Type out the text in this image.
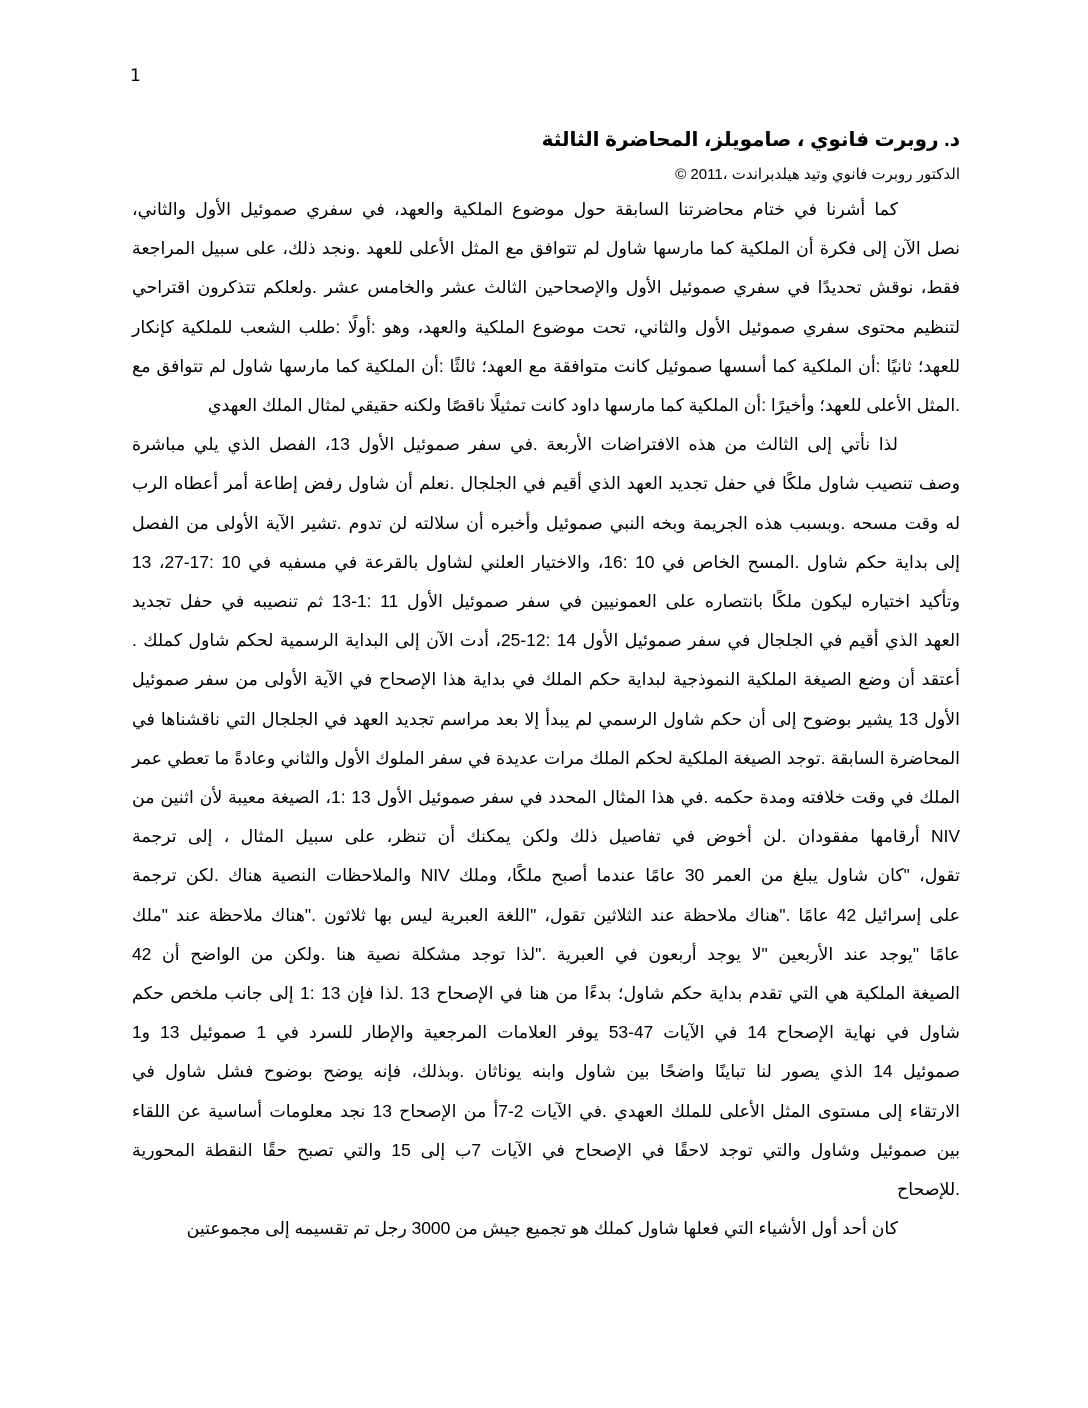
1
د. روبرت فانوي ، صامويلز، المحاضرة الثالثة

الدكتور روبرت فانوي وتيد هيلدبراندت ،2011 ©

كما أشرنا في ختام محاضرتنا السابقة حول موضوع الملكية والعهد، في سفري صموئيل الأول والثاني،
نصل الآن إلى فكرة أن الملكية كما مارسها شاول لم تتوافق مع المثل الأعلى للعهد .ونجد ذلك، على سبيل المراجعة
فقط، نوقش تحديدًا في سفري صموئيل الأول والإصحاحين الثالث عشر والخامس عشر .ولعلكم تتذكرون اقتراحي
لتنظيم محتوى سفري صموئيل الأول والثاني، تحت موضوع الملكية والعهد، وهو :أولًا :طلب الشعب للملكية كإنكار
للعهد؛ ثانيًا :أن الملكية كما أسسها صموئيل كانت متوافقة مع العهد؛ ثالثًا :أن الملكية كما مارسها شاول لم تتوافق مع
.المثل الأعلى للعهد؛ وأخيرًا :أن الملكية كما مارسها داود كانت تمثيلًا ناقصًا ولكنه حقيقي لمثال الملك العهدي

لذا نأتي إلى الثالث من هذه الافتراضات الأربعة .في سفر صموئيل الأول 13، الفصل الذي يلي مباشرة
وصف تنصيب شاول ملكًا في حفل تجديد العهد الذي أقيم في الجلجال .نعلم أن شاول رفض إطاعة أمر أعطاه الرب
له وقت مسحه .وبسبب هذه الجريمة وبخه النبي صموئيل وأخبره أن سلالته لن تدوم .تشير الآية الأولى من الفصل
إلى بداية حكم شاول .المسح الخاص في 10 :16، والاختيار العلني لشاول بالقرعة في مسفيه في 10 :17-27، 13
وتأكيد اختياره ليكون ملكًا بانتصاره على العمونيين في سفر صموئيل الأول 11 :1-13 ثم تنصيبه في حفل تجديد
العهد الذي أقيم في الجلجال في سفر صموئيل الأول 14 :12-25، أدت الآن إلى البداية الرسمية لحكم شاول كملك .
أعتقد أن وضع الصيغة الملكية النموذجية لبداية حكم الملك في بداية هذا الإصحاح في الآية الأولى من سفر صموئيل
الأول 13 يشير بوضوح إلى أن حكم شاول الرسمي لم يبدأ إلا بعد مراسم تجديد العهد في الجلجال التي ناقشناها في
المحاضرة السابقة .توجد الصيغة الملكية لحكم الملك مرات عديدة في سفر الملوك الأول والثاني وعادةً ما تعطي عمر
الملك في وقت خلافته ومدة حكمه .في هذا المثال المحدد في سفر صموئيل الأول 13 :1، الصيغة معيبة لأن اثنين من
NIV أرقامها مفقودان .لن أخوض في تفاصيل ذلك ولكن يمكنك أن تنظر، على سبيل المثال ، إلى ترجمة
تقول، "كان شاول يبلغ من العمر 30 عامًا عندما أصبح ملكًا، وملك NIV والملاحظات النصية هناك .لكن ترجمة
على إسرائيل 42 عامًا ."هناك ملاحظة عند الثلاثين تقول، "اللغة العبرية ليس بها ثلاثون ."هناك ملاحظة عند "ملك
عامًا "يوجد عند الأربعين "لا يوجد أربعون في العبرية ."لذا توجد مشكلة نصية هنا .ولكن من الواضح أن 42
الصيغة الملكية هي التي تقدم بداية حكم شاول؛ بدءًا من هنا في الإصحاح 13 .لذا فإن 13 :1 إلى جانب ملخص حكم
شاول في نهاية الإصحاح 14 في الآيات 47-53 يوفر العلامات المرجعية والإطار للسرد في 1 صموئيل 13 و1
صموئيل 14 الذي يصور لنا تباينًا واضحًا بين شاول وابنه يوناثان .وبذلك، فإنه يوضح بوضوح فشل شاول في
الارتقاء إلى مستوى المثل الأعلى للملك العهدي .في الآيات 2-7أ من الإصحاح 13 نجد معلومات أساسية عن اللقاء
بين صموئيل وشاول والتي توجد لاحقًا في الإصحاح في الآيات 7ب إلى 15 والتي تصبح حقًا النقطة المحورية
.للإصحاح

كان أحد أول الأشياء التي فعلها شاول كملك هو تجميع جيش من 3000 رجل تم تقسيمه إلى مجموعتين
